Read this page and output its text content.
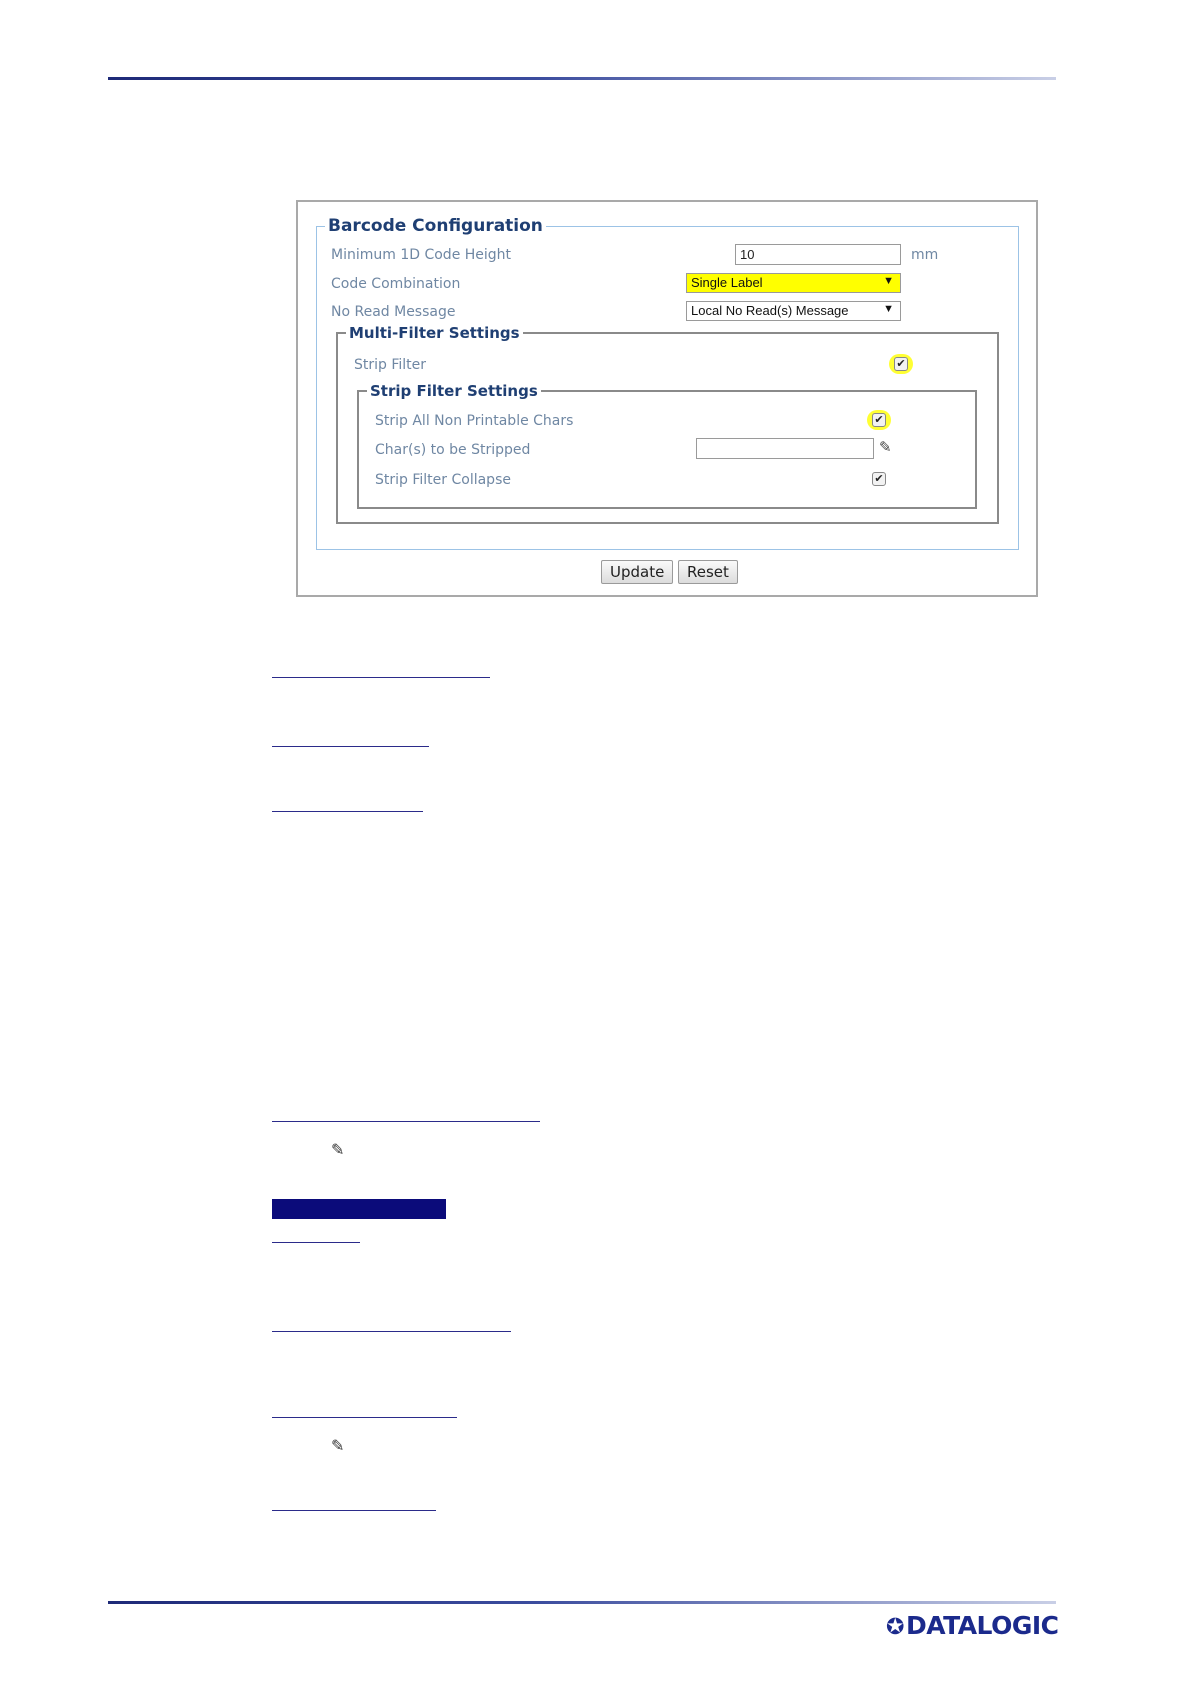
Barcode Configuration
Minimum 1D Code Height	10	mm
Code Combination	Single Label	▼
No Read Message	Local No Read(s) Message	▼
Multi-Filter Settings
Strip Filter	✔
Strip Filter Settings
Strip All Non Printable Chars	✔
Char(s) to be Stripped	✎
Strip Filter Collapse	✔
Update	Reset
✎
✎
✪DATALOGIC
